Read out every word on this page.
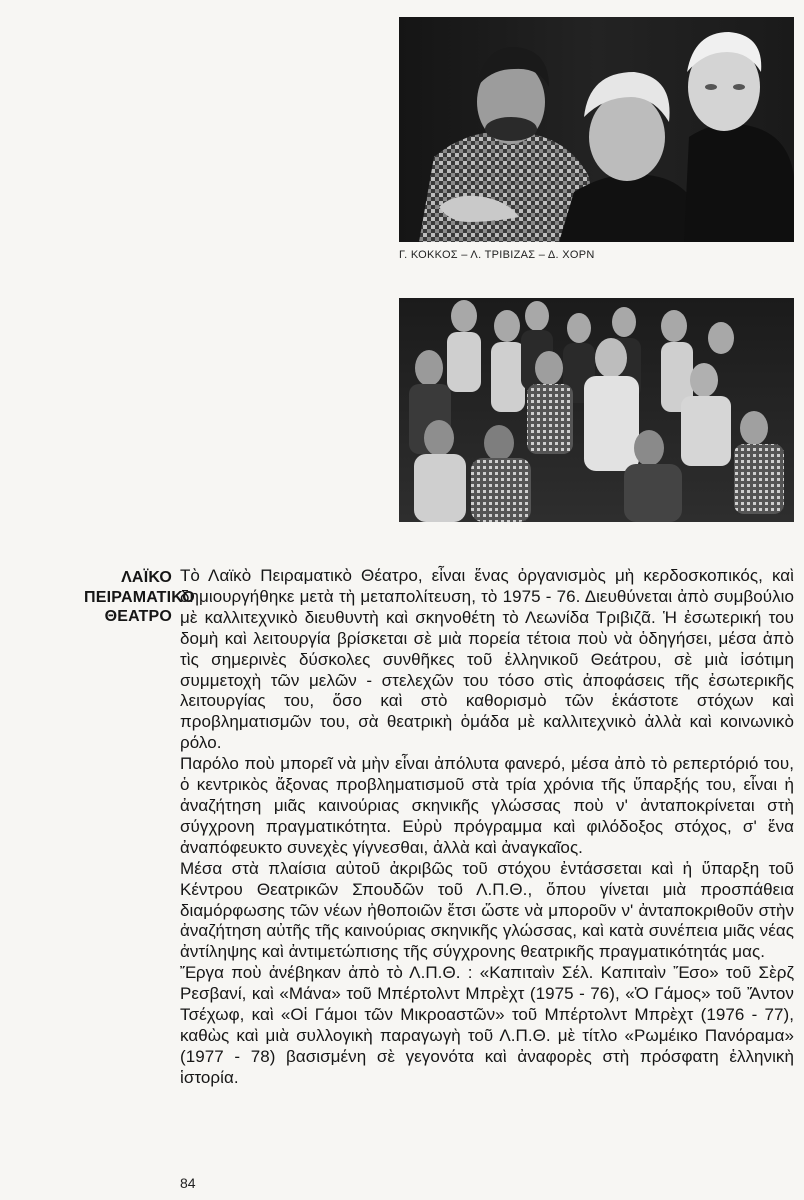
Γ. ΚΟΚΚΟΣ – Λ. ΤΡΙΒΙΖΑΣ – Δ. ΧΟΡΝ
ΛΑΪΚΟ
ΠΕΙΡΑΜΑΤΙΚΟ
ΘΕΑΤΡΟ

Τὸ Λαϊκὸ Πειραματικὸ Θέατρο, εἶναι ἕνας ὀργανισμὸς μὴ κερδοσκοπικός, καὶ δημιουργήθηκε μετὰ τὴ μεταπολίτευση, τὸ 1975 - 76. Διευθύνεται ἀπὸ συμβούλιο μὲ καλλιτεχνικὸ διευθυντὴ καὶ σκηνοθέτη τὸ Λεωνίδα Τριβιζᾶ. Ἡ ἐσωτερική του δομὴ καὶ λειτουργία βρίσκεται σὲ μιὰ πορεία τέτοια ποὺ νὰ ὁδηγήσει, μέσα ἀπὸ τὶς σημερινὲς δύσκολες συνθῆκες τοῦ ἑλληνικοῦ Θεάτρου, σὲ μιὰ ἰσότιμη συμμετοχὴ τῶν μελῶν - στελεχῶν του τόσο στὶς ἀποφάσεις τῆς ἐσωτερικῆς λειτουργίας του, ὅσο καὶ στὸ καθορισμὸ τῶν ἑκάστοτε στόχων καὶ προβληματισμῶν του, σὰ θεατρικὴ ὁμάδα μὲ καλλιτεχνικὸ ἀλλὰ καὶ κοινωνικὸ ρόλο.

Παρόλο ποὺ μπορεῖ νὰ μὴν εἶναι ἀπόλυτα φανερό, μέσα ἀπὸ τὸ ρεπερτόριό του, ὁ κεντρικὸς ἄξονας προβληματισμοῦ στὰ τρία χρόνια τῆς ὕπαρξής του, εἶναι ἡ ἀναζήτηση μιᾶς καινούριας σκηνικῆς γλώσσας ποὺ ν' ἀνταποκρίνεται στὴ σύγχρονη πραγματικότητα. Εὐρὺ πρόγραμμα καὶ φιλόδοξος στόχος, σ' ἕνα ἀναπόφευκτο συνεχὲς γίγνεσθαι, ἀλλὰ καὶ ἀναγκαῖος.

Μέσα στὰ πλαίσια αὐτοῦ ἀκριβῶς τοῦ στόχου ἐντάσσεται καὶ ἡ ὕπαρξη τοῦ Κέντρου Θεατρικῶν Σπουδῶν τοῦ Λ.Π.Θ., ὅπου γίνεται μιὰ προσπάθεια διαμόρφωσης τῶν νέων ἠθοποιῶν ἔτσι ὥστε νὰ μποροῦν ν' ἀνταποκριθοῦν στὴν ἀναζήτηση αὐτῆς τῆς καινούριας σκηνικῆς γλώσσας, καὶ κατὰ συνέπεια μιᾶς νέας ἀντίληψης καὶ ἀντιμετώπισης τῆς σύγχρονης θεατρικῆς πραγματικότητάς μας.

Ἔργα ποὺ ἀνέβηκαν ἀπὸ τὸ Λ.Π.Θ. : «Καπιταὶν Σέλ. Καπιταὶν Ἔσο» τοῦ Σὲρζ Ρεσβανί, καὶ «Μάνα» τοῦ Μπέρτολντ Μπρὲχτ (1975 - 76), «Ὁ Γάμος» τοῦ Ἄντον Τσέχωφ, καὶ «Οἱ Γάμοι τῶν Μικροαστῶν» τοῦ Μπέρτολντ Μπρὲχτ (1976 - 77), καθὼς καὶ μιὰ συλλογικὴ παραγωγὴ τοῦ Λ.Π.Θ. μὲ τίτλο «Ρωμέικο Πανόραμα» (1977 - 78) βασισμένη σὲ γεγονότα καὶ ἀναφορὲς στὴ πρόσφατη ἑλληνικὴ ἱστορία.

84
